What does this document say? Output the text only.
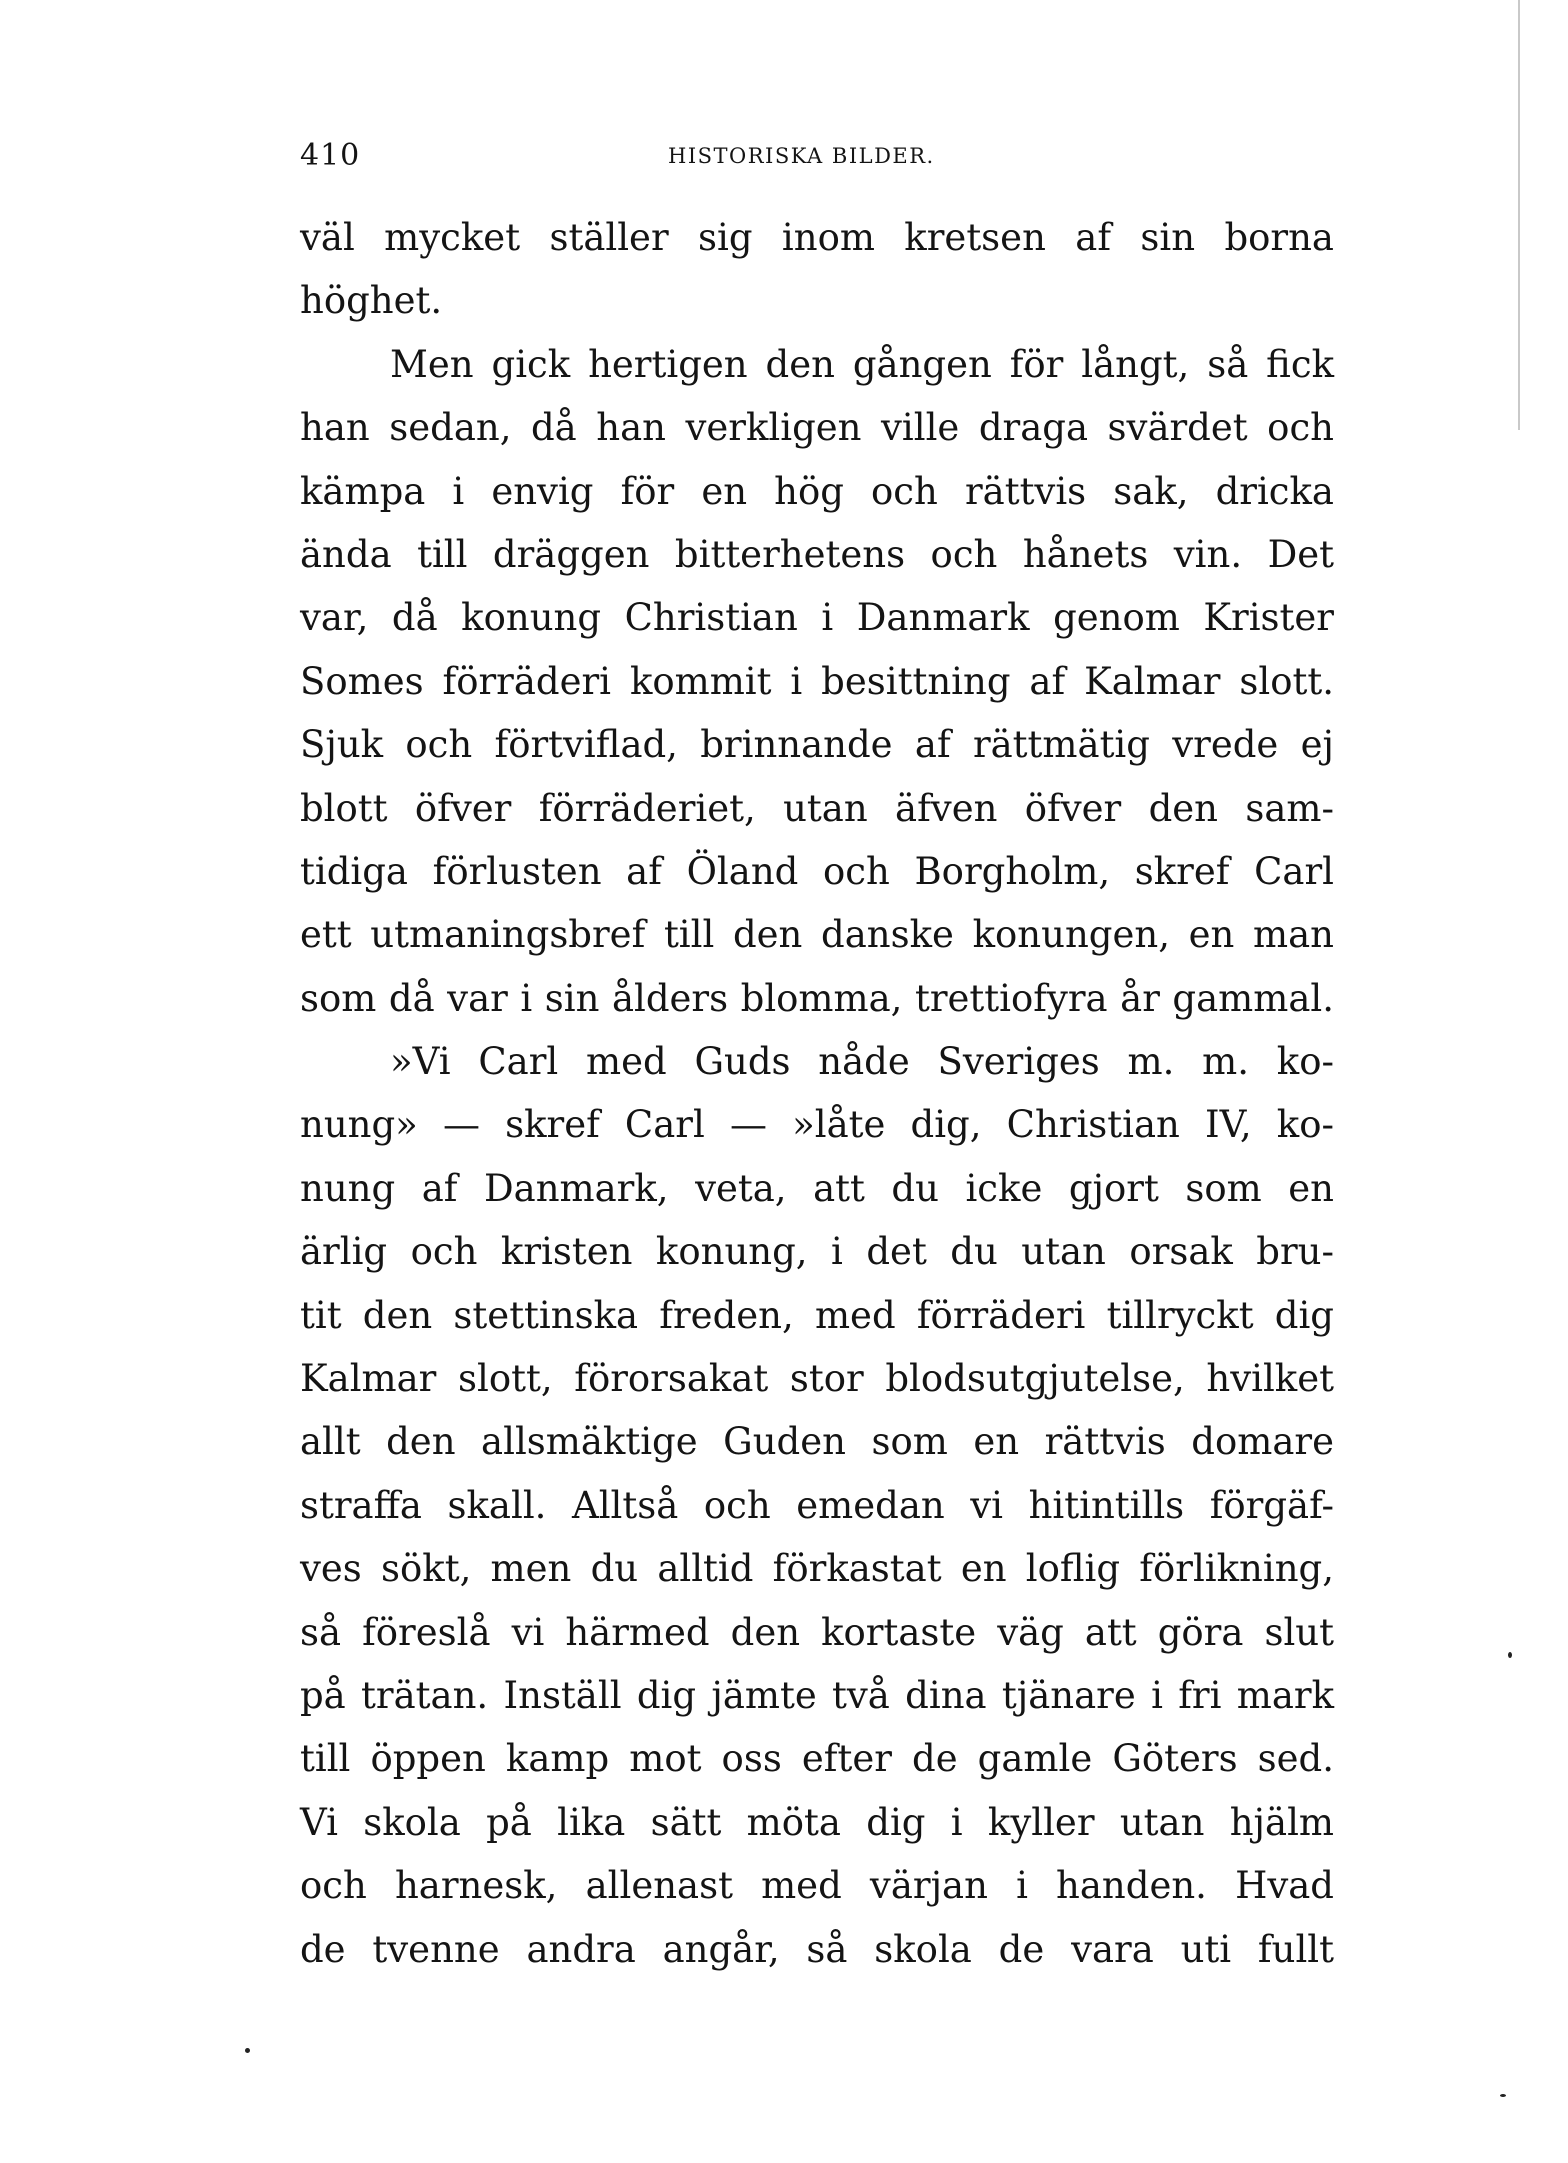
410	HISTORISKA BILDER.
väl mycket ställer sig inom kretsen af sin borna
höghet.
Men gick hertigen den gången för långt, så fick
han sedan, då han verkligen ville draga svärdet och
kämpa i envig för en hög och rättvis sak, dricka
ända till dräggen bitterhetens och hånets vin. Det
var, då konung Christian i Danmark genom Krister
Somes förräderi kommit i besittning af Kalmar slott.
Sjuk och förtviflad, brinnande af rättmätig vrede ej
blott öfver förräderiet, utan äfven öfver den sam-
tidiga förlusten af Öland och Borgholm, skref Carl
ett utmaningsbref till den danske konungen, en man
som då var i sin ålders blomma, trettiofyra år gammal.
»Vi Carl med Guds nåde Sveriges m. m. ko-
nung» — skref Carl — »låte dig, Christian IV, ko-
nung af Danmark, veta, att du icke gjort som en
ärlig och kristen konung, i det du utan orsak bru-
tit den stettinska freden, med förräderi tillryckt dig
Kalmar slott, förorsakat stor blodsutgjutelse, hvilket
allt den allsmäktige Guden som en rättvis domare
straffa skall. Alltså och emedan vi hitintills förgäf-
ves sökt, men du alltid förkastat en loflig förlikning,
så föreslå vi härmed den kortaste väg att göra slut
på trätan. Inställ dig jämte två dina tjänare i fri mark
till öppen kamp mot oss efter de gamle Göters sed.
Vi skola på lika sätt möta dig i kyller utan hjälm
och harnesk, allenast med värjan i handen. Hvad
de tvenne andra angår, så skola de vara uti fullt
